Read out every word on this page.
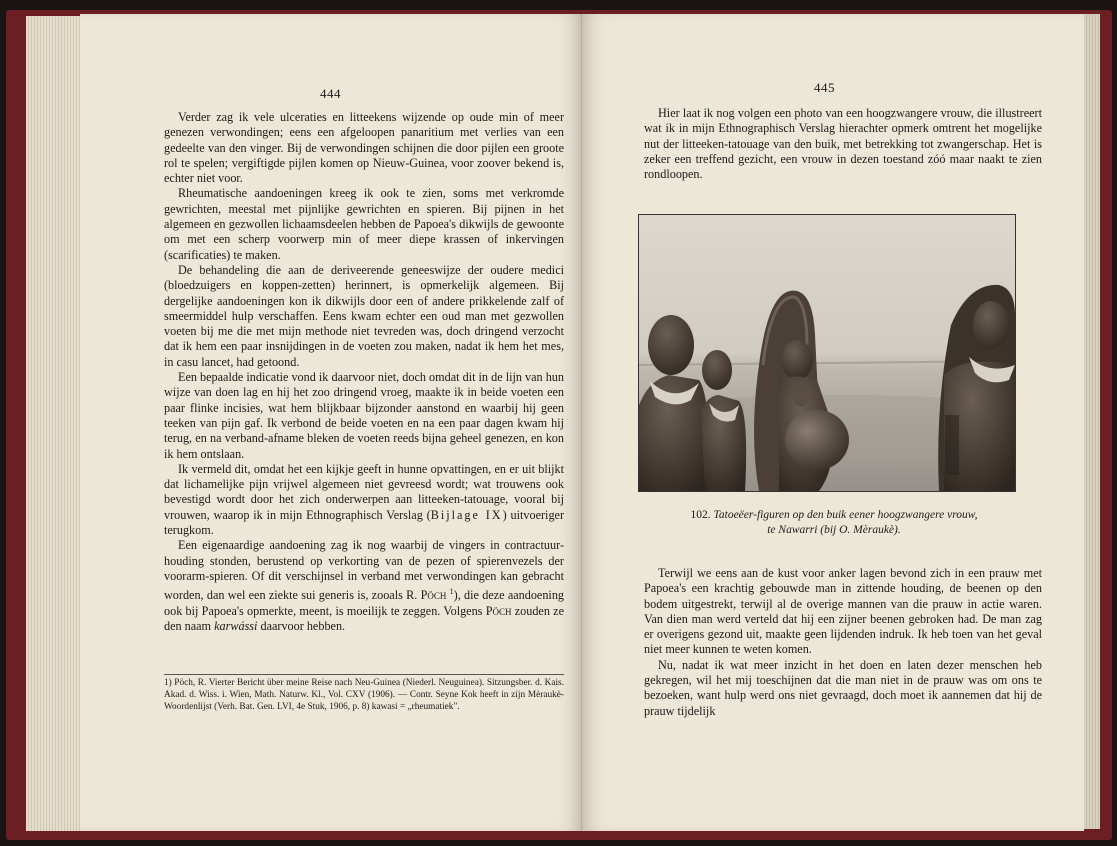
444

Verder zag ik vele ulceraties en litteekens wijzende op oude min of meer genezen verwondingen; eens een afgeloopen panaritium met verlies van een gedeelte van den vinger. Bij de verwondingen schijnen die door pijlen een groote rol te spelen; vergiftigde pijlen komen op Nieuw-Guinea, voor zoover bekend is, echter niet voor.

Rheumatische aandoeningen kreeg ik ook te zien, soms met verkromde gewrichten, meestal met pijnlijke gewrichten en spieren. Bij pijnen in het algemeen en gezwollen lichaamsdeelen hebben de Papoea's dikwijls de gewoonte om met een scherp voorwerp min of meer diepe krassen of inkervingen (scarificaties) te maken.

De behandeling die aan de deriveerende geneeswijze der oudere medici (bloedzuigers en koppen-zetten) herinnert, is opmerkelijk algemeen. Bij dergelijke aandoeningen kon ik dikwijls door een of andere prikkelende zalf of smeermiddel hulp verschaffen. Eens kwam echter een oud man met gezwollen voeten bij me die met mijn methode niet tevreden was, doch dringend verzocht dat ik hem een paar insnijdingen in de voeten zou maken, nadat ik hem het mes, in casu lancet, had getoond.

Een bepaalde indicatie vond ik daarvoor niet, doch omdat dit in de lijn van hun wijze van doen lag en hij het zoo dringend vroeg, maakte ik in beide voeten een paar flinke incisies, wat hem blijkbaar bijzonder aanstond en waarbij hij geen teeken van pijn gaf. Ik verbond de beide voeten en na een paar dagen kwam hij terug, en na verband-afname bleken de voeten reeds bijna geheel genezen, en kon ik hem ontslaan.

Ik vermeld dit, omdat het een kijkje geeft in hunne opvattingen, en er uit blijkt dat lichamelijke pijn vrijwel algemeen niet gevreesd wordt; wat trouwens ook bevestigd wordt door het zich onderwerpen aan litteeken-tatouage, vooral bij vrouwen, waarop ik in mijn Ethnographisch Verslag (Bijlage IX) uitvoeriger terugkom.

Een eigenaardige aandoening zag ik nog waarbij de vingers in contractuur-houding stonden, berustend op verkorting van de pezen of spierenvezels der voorarm-spieren. Of dit verschijnsel in verband met verwondingen kan gebracht worden, dan wel een ziekte sui generis is, zooals R. Pöch $^1$), die deze aandoening ook bij Papoea's opmerkte, meent, is moeilijk te zeggen. Volgens Pöch zouden ze den naam karwássi daarvoor hebben.

1) Pöch, R. Vierter Bericht über meine Reise nach Neu-Guinea (Niederl. Neuguinea). Sitzungsber. d. Kais. Akad. d. Wiss. i. Wien, Math. Naturw. Kl., Vol. CXV (1906). — Contr. Seyne Kok heeft in zijn Mèraukè-Woordenlijst (Verh. Bat. Gen. LVI, 4e Stuk, 1906, p. 8) kawasi = „rheumatiek".
445

Hier laat ik nog volgen een photo van een hoogzwangere vrouw, die illustreert wat ik in mijn Ethnographisch Verslag hierachter opmerk omtrent het mogelijke nut der litteeken-tatouage van den buik, met betrekking tot zwangerschap. Het is zeker een treffend gezicht, een vrouw in dezen toestand zóó maar naakt te zien rondloopen.

102. Tatoeëer-figuren op den buik eener hoogzwangere vrouw,
te Nawarri (bij O. Mèraukè).

Terwijl we eens aan de kust voor anker lagen bevond zich in een prauw met Papoea's een krachtig gebouwde man in zittende houding, de beenen op den bodem uitgestrekt, terwijl al de overige mannen van die prauw in actie waren. Van dien man werd verteld dat hij een zijner beenen gebroken had. De man zag er overigens gezond uit, maakte geen lijdenden indruk. Ik heb toen van het geval niet meer kunnen te weten komen.

Nu, nadat ik wat meer inzicht in het doen en laten dezer menschen heb gekregen, wil het mij toeschijnen dat die man niet in de prauw was om ons te bezoeken, want hulp werd ons niet gevraagd, doch moet ik aannemen dat hij de prauw tijdelijk
